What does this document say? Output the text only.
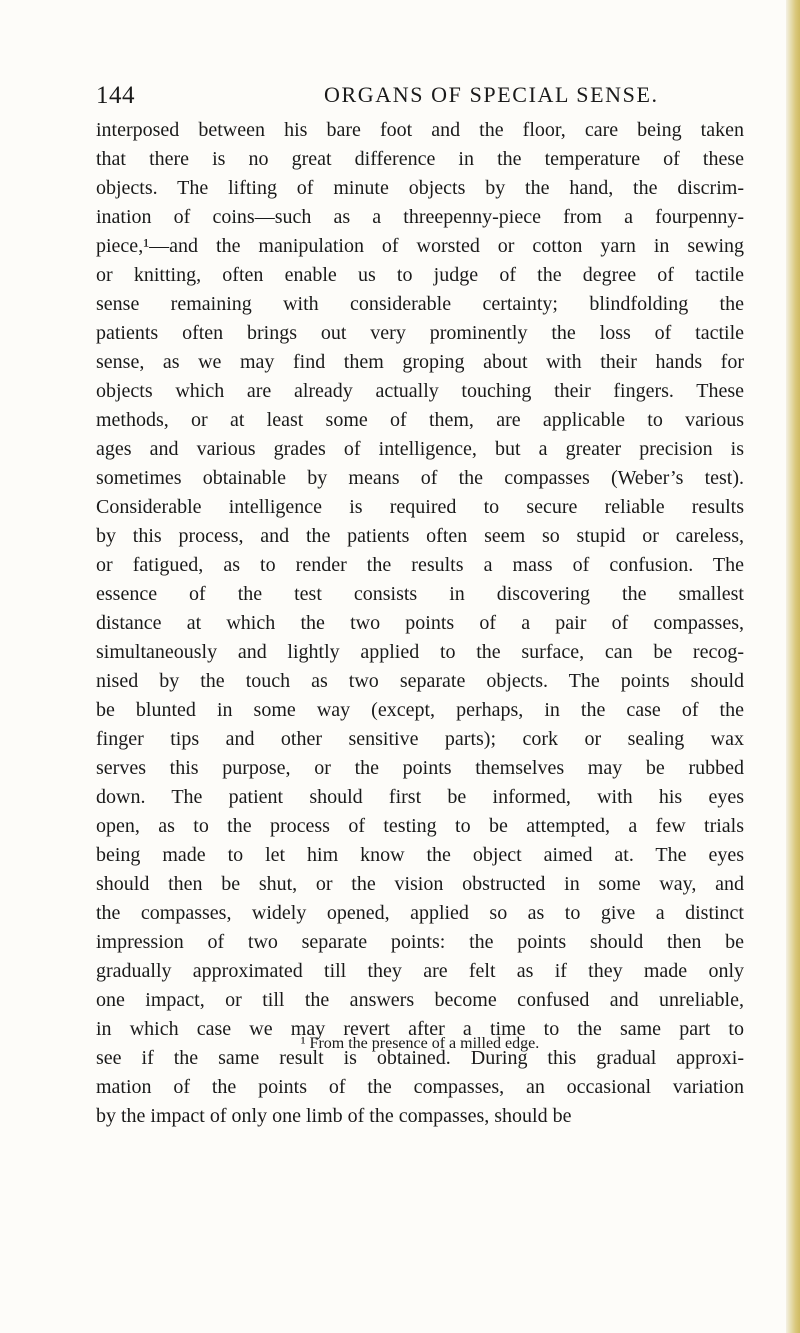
144	ORGANS OF SPECIAL SENSE.
interposed between his bare foot and the floor, care being taken
that there is no great difference in the temperature of these
objects. The lifting of minute objects by the hand, the discrim-
ination of coins—such as a threepenny-piece from a fourpenny-
piece,¹—and the manipulation of worsted or cotton yarn in sewing
or knitting, often enable us to judge of the degree of tactile
sense remaining with considerable certainty; blindfolding the
patients often brings out very prominently the loss of tactile
sense, as we may find them groping about with their hands for
objects which are already actually touching their fingers. These
methods, or at least some of them, are applicable to various
ages and various grades of intelligence, but a greater precision is
sometimes obtainable by means of the compasses (Weber’s test).
Considerable intelligence is required to secure reliable results
by this process, and the patients often seem so stupid or careless,
or fatigued, as to render the results a mass of confusion. The
essence of the test consists in discovering the smallest
distance at which the two points of a pair of compasses,
simultaneously and lightly applied to the surface, can be recog-
nised by the touch as two separate objects. The points should
be blunted in some way (except, perhaps, in the case of the
finger tips and other sensitive parts); cork or sealing wax
serves this purpose, or the points themselves may be rubbed
down. The patient should first be informed, with his eyes
open, as to the process of testing to be attempted, a few trials
being made to let him know the object aimed at. The eyes
should then be shut, or the vision obstructed in some way, and
the compasses, widely opened, applied so as to give a distinct
impression of two separate points: the points should then be
gradually approximated till they are felt as if they made only
one impact, or till the answers become confused and unreliable,
in which case we may revert after a time to the same part to
see if the same result is obtained. During this gradual approxi-
mation of the points of the compasses, an occasional variation
by the impact of only one limb of the compasses, should be
¹ From the presence of a milled edge.
